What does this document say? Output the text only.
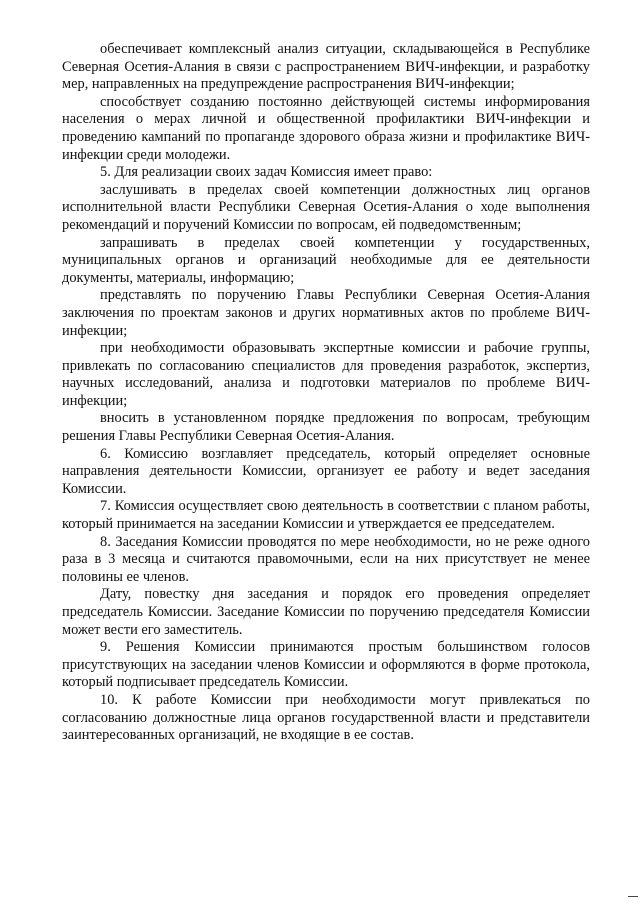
обеспечивает комплексный анализ ситуации, складывающейся в Республике Северная Осетия-Алания в связи с распространением ВИЧ-инфекции, и разработку мер, направленных на предупреждение распространения ВИЧ-инфекции;

способствует созданию постоянно действующей системы информирования населения о мерах личной и общественной профилактики ВИЧ-инфекции и проведению кампаний по пропаганде здорового образа жизни и профилактике ВИЧ-инфекции среди молодежи.

5. Для реализации своих задач Комиссия имеет право:

заслушивать в пределах своей компетенции должностных лиц органов исполнительной власти Республики Северная Осетия-Алания о ходе выполнения рекомендаций и поручений Комиссии по вопросам, ей подведомственным;

запрашивать в пределах своей компетенции у государственных, муниципальных органов и организаций необходимые для ее деятельности документы, материалы, информацию;

представлять по поручению Главы Республики Северная Осетия-Алания заключения по проектам законов и других нормативных актов по проблеме ВИЧ-инфекции;

при необходимости образовывать экспертные комиссии и рабочие группы, привлекать по согласованию специалистов для проведения разработок, экспертиз, научных исследований, анализа и подготовки материалов по проблеме ВИЧ-инфекции;

вносить в установленном порядке предложения по вопросам, требующим решения Главы Республики Северная Осетия-Алания.

6. Комиссию возглавляет председатель, который определяет основные направления деятельности Комиссии, организует ее работу и ведет заседания Комиссии.

7. Комиссия осуществляет свою деятельность в соответствии с планом работы, который принимается на заседании Комиссии и утверждается ее председателем.

8. Заседания Комиссии проводятся по мере необходимости, но не реже одного раза в 3 месяца и считаются правомочными, если на них присутствует не менее половины ее членов.

Дату, повестку дня заседания и порядок его проведения определяет председатель Комиссии. Заседание Комиссии по поручению председателя Комиссии может вести его заместитель.

9. Решения Комиссии принимаются простым большинством голосов присутствующих на заседании членов Комиссии и оформляются в форме протокола, который подписывает председатель Комиссии.

10. К работе Комиссии при необходимости могут привлекаться по согласованию должностные лица органов государственной власти и представители заинтересованных организаций, не входящие в ее состав.
